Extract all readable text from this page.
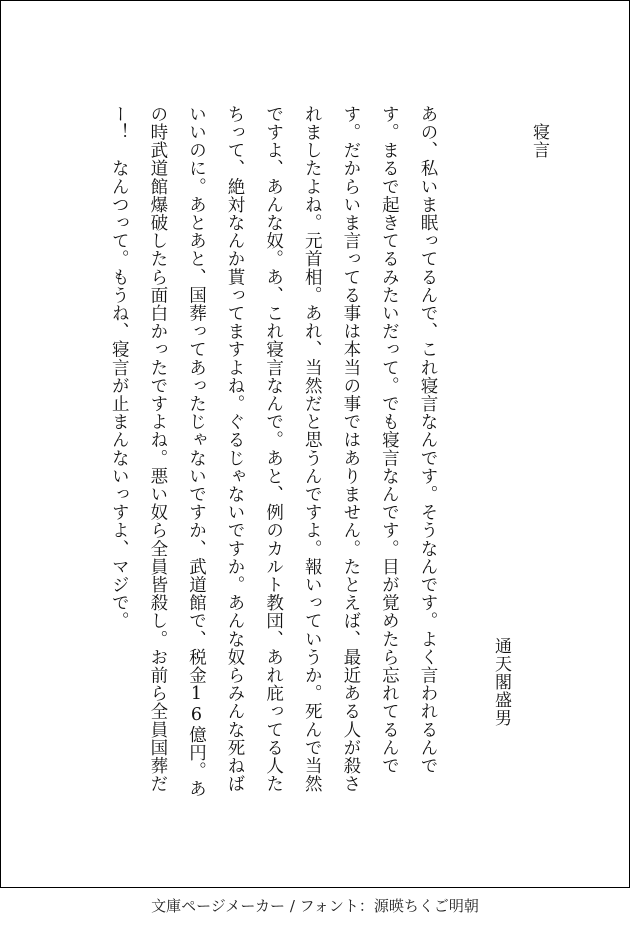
寝言
通天閣盛男
あの、私いま眠ってるんで、これ寝言なんです。そうなんです。よく言われるんです。まるで起きてるみたいだって。でも寝言なんです。目が覚めたら忘れてるんです。だからいま言ってる事は本当の事ではありません。たとえば、最近ある人が殺されましたよね。元首相。あれ、当然だと思うんですよ。報いっていうか。死んで当然ですよ、あんな奴。あ、これ寝言なんで。あと、例のカルト教団、あれ庇ってる人たちって、絶対なんか貰ってますよね。ぐるじゃないですか。あんな奴らみんな死ねばいいのに。あとあと、国葬ってあったじゃないですか、武道館で、税金16億円。あの時武道館爆破したら面白かったですよね。悪い奴ら全員皆殺し。お前ら全員国葬だー！　なんつって。もうね、寝言が止まんないっすよ、マジで。
文庫ページメーカー / フォント：源暎ちくご明朝
